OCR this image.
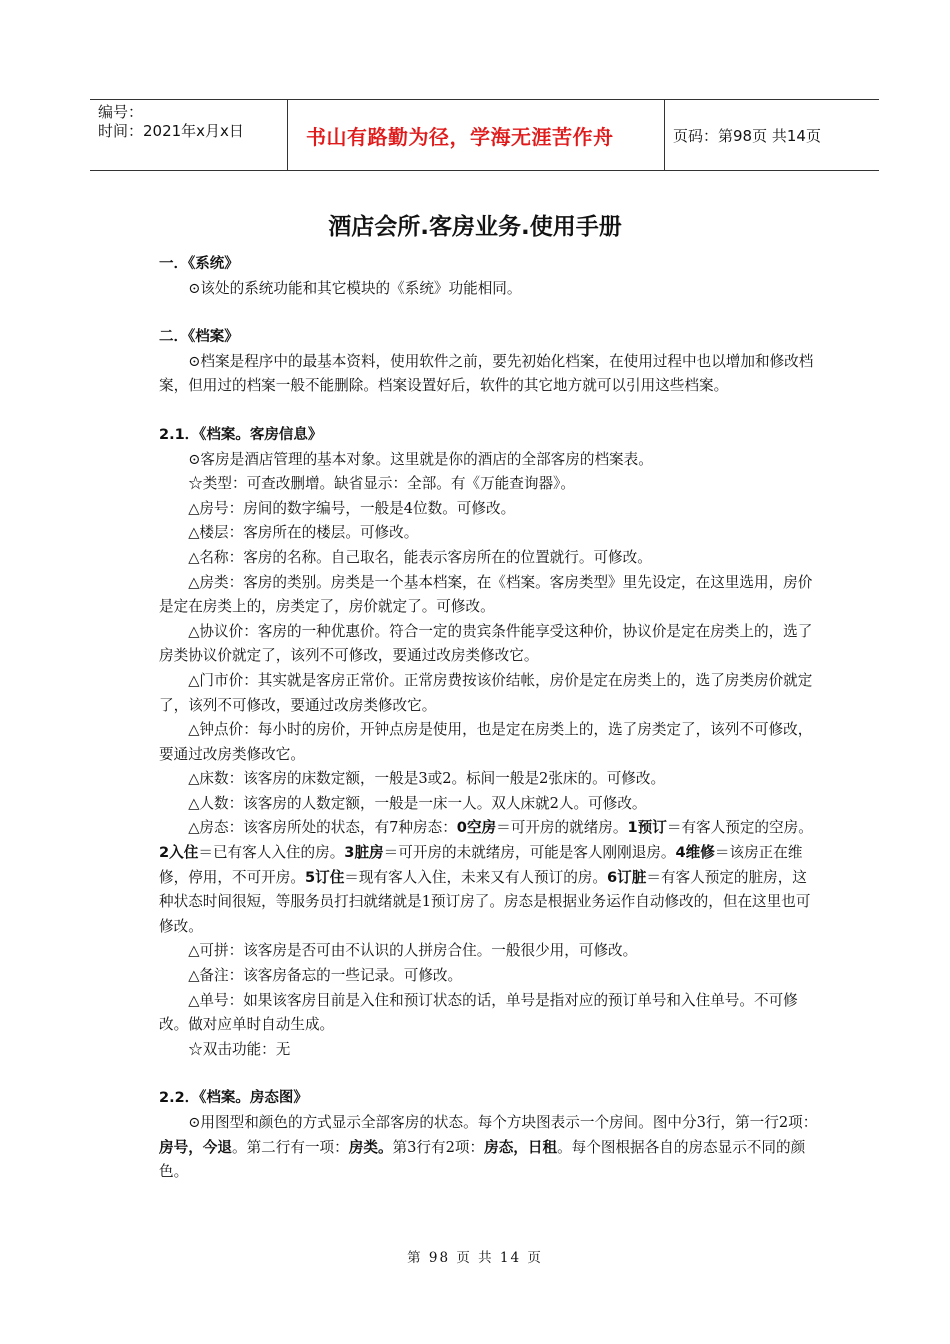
编号：
时间：2021年x月x日	书山有路勤为径，学海无涯苦作舟	页码：第98页 共14页
酒店会所.客房业务.使用手册

一．《系统》

⊙该处的系统功能和其它模块的《系统》功能相同。

二．《档案》

⊙档案是程序中的最基本资料，使用软件之前，要先初始化档案，在使用过程中也以增加和修改档案，但用过的档案一般不能删除。档案设置好后，软件的其它地方就可以引用这些档案。

2.1．《档案。客房信息》

⊙客房是酒店管理的基本对象。这里就是你的酒店的全部客房的档案表。

☆类型：可查改删增。缺省显示：全部。有《万能查询器》。

△房号：房间的数字编号，一般是4位数。可修改。

△楼层：客房所在的楼层。可修改。

△名称：客房的名称。自己取名，能表示客房所在的位置就行。可修改。

△房类：客房的类别。房类是一个基本档案，在《档案。客房类型》里先设定，在这里选用，房价是定在房类上的，房类定了，房价就定了。可修改。

△协议价：客房的一种优惠价。符合一定的贵宾条件能享受这种价，协议价是定在房类上的，选了房类协议价就定了，该列不可修改，要通过改房类修改它。

△门市价：其实就是客房正常价。正常房费按该价结帐，房价是定在房类上的，选了房类房价就定了，该列不可修改，要通过改房类修改它。

△钟点价：每小时的房价，开钟点房是使用，也是定在房类上的，选了房类定了，该列不可修改，要通过改房类修改它。

△床数：该客房的床数定额，一般是3或2。标间一般是2张床的。可修改。

△人数：该客房的人数定额，一般是一床一人。双人床就2人。可修改。

△房态：该客房所处的状态，有7种房态：0空房＝可开房的就绪房。1预订＝有客人预定的空房。2入住＝已有客人入住的房。3脏房＝可开房的未就绪房，可能是客人刚刚退房。4维修＝该房正在维修，停用，不可开房。5订住＝现有客人入住，未来又有人预订的房。6订脏＝有客人预定的脏房，这种状态时间很短，等服务员打扫就绪就是1预订房了。房态是根据业务运作自动修改的，但在这里也可修改。

△可拼：该客房是否可由不认识的人拼房合住。一般很少用，可修改。

△备注：该客房备忘的一些记录。可修改。

△单号：如果该客房目前是入住和预订状态的话，单号是指对应的预订单号和入住单号。不可修改。做对应单时自动生成。

☆双击功能：无

2.2．《档案。房态图》

⊙用图型和颜色的方式显示全部客房的状态。每个方块图表示一个房间。图中分3行，第一行2项：房号，今退。第二行有一项：房类。第3行有2项：房态，日租。每个图根据各自的房态显示不同的颜色。

第 98 页 共 14 页
